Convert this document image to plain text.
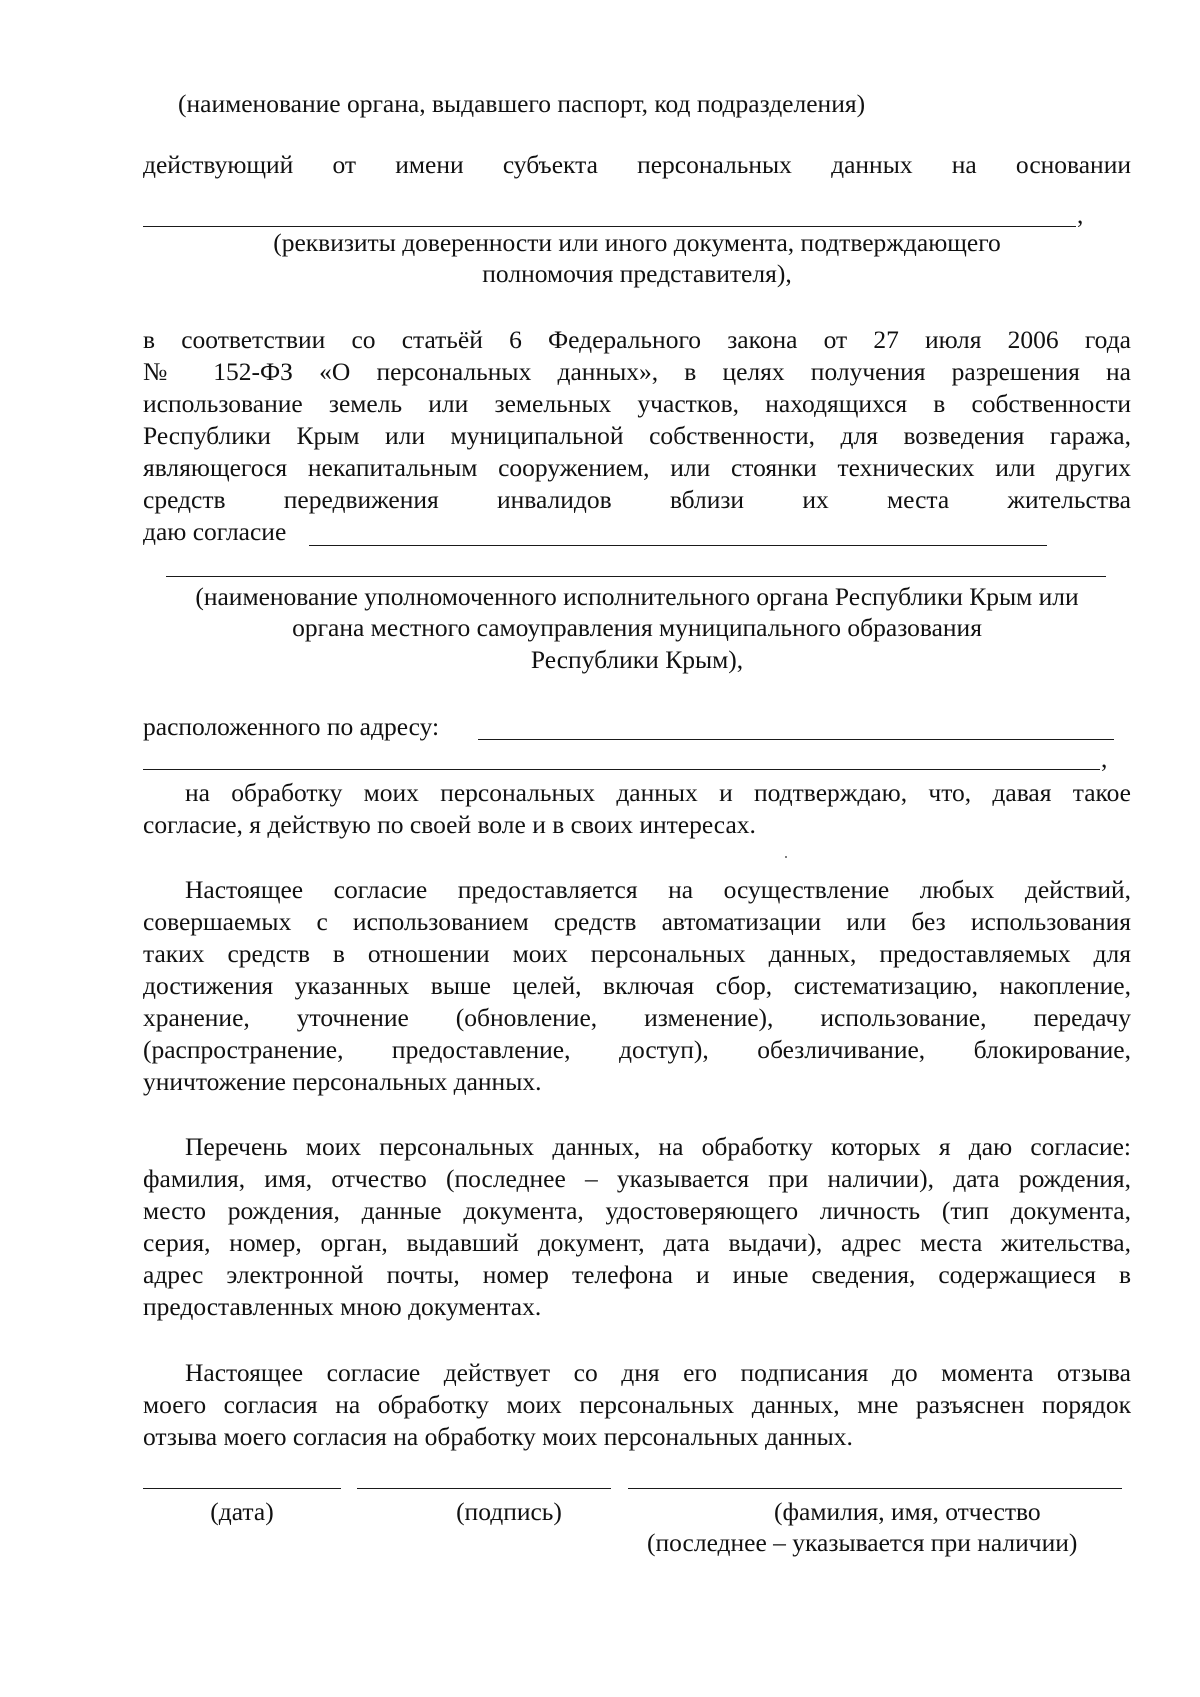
(наименование органа, выдавшего паспорт, код подразделения)
действующий от имени субъекта персональных данных на основании
,
(реквизиты доверенности или иного документа, подтверждающего
полномочия представителя),
в соответствии со статьёй 6 Федерального закона от 27 июля 2006 года
№ 152-ФЗ «О персональных данных», в целях получения разрешения на
использование земель или земельных участков, находящихся в собственности
Республики Крым или муниципальной собственности, для возведения гаража,
являющегося некапитальным сооружением, или стоянки технических или других
средств передвижения инвалидов вблизи их места жительства
даю согласие
(наименование уполномоченного исполнительного органа Республики Крым или
органа местного самоуправления муниципального образования
Республики Крым),
расположенного по адресу:
,
на обработку моих персональных данных и подтверждаю, что, давая такое
согласие, я действую по своей воле и в своих интересах.
Настоящее согласие предоставляется на осуществление любых действий,
совершаемых с использованием средств автоматизации или без использования
таких средств в отношении моих персональных данных, предоставляемых для
достижения указанных выше целей, включая сбор, систематизацию, накопление,
хранение, уточнение (обновление, изменение), использование, передачу
(распространение, предоставление, доступ), обезличивание, блокирование,
уничтожение персональных данных.
Перечень моих персональных данных, на обработку которых я даю согласие:
фамилия, имя, отчество (последнее – указывается при наличии), дата рождения,
место рождения, данные документа, удостоверяющего личность (тип документа,
серия, номер, орган, выдавший документ, дата выдачи), адрес места жительства,
адрес электронной почты, номер телефона и иные сведения, содержащиеся в
предоставленных мною документах.
Настоящее согласие действует со дня его подписания до момента отзыва
моего согласия на обработку моих персональных данных, мне разъяснен порядок
отзыва моего согласия на обработку моих персональных данных.
(дата)	(подпись)	(фамилия, имя, отчество
(последнее – указывается при наличии)
